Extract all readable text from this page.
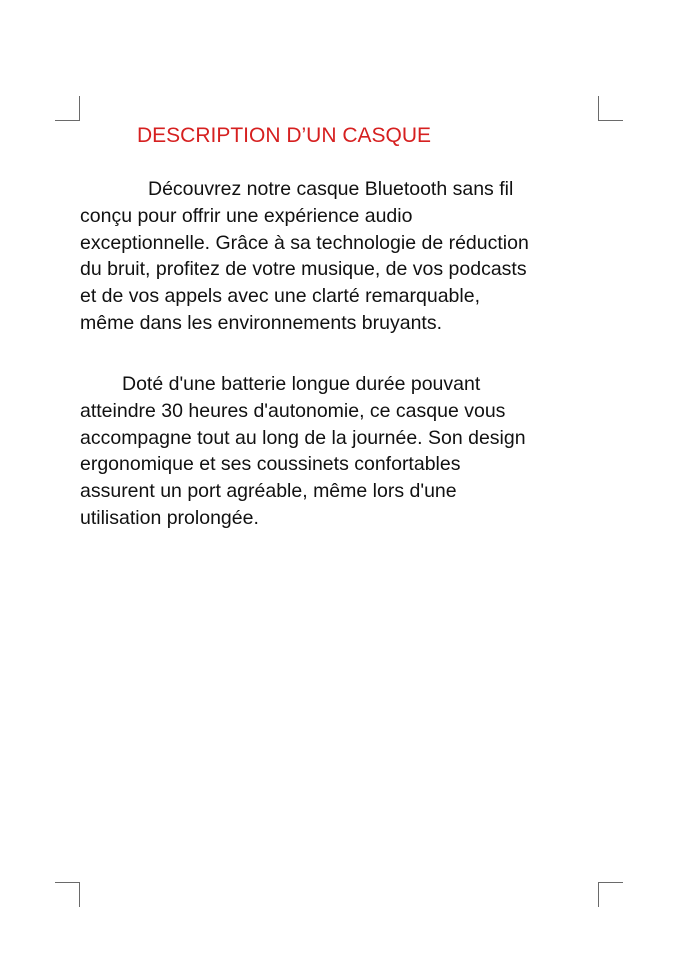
DESCRIPTION D’UN CASQUE

Découvrez notre casque Bluetooth sans fil
conçu pour offrir une expérience audio
exceptionnelle. Grâce à sa technologie de réduction
du bruit, profitez de votre musique, de vos podcasts
et de vos appels avec une clarté remarquable,
même dans les environnements bruyants.

Doté d'une batterie longue durée pouvant
atteindre 30 heures d'autonomie, ce casque vous
accompagne tout au long de la journée. Son design
ergonomique et ses coussinets confortables
assurent un port agréable, même lors d'une
utilisation prolongée.
